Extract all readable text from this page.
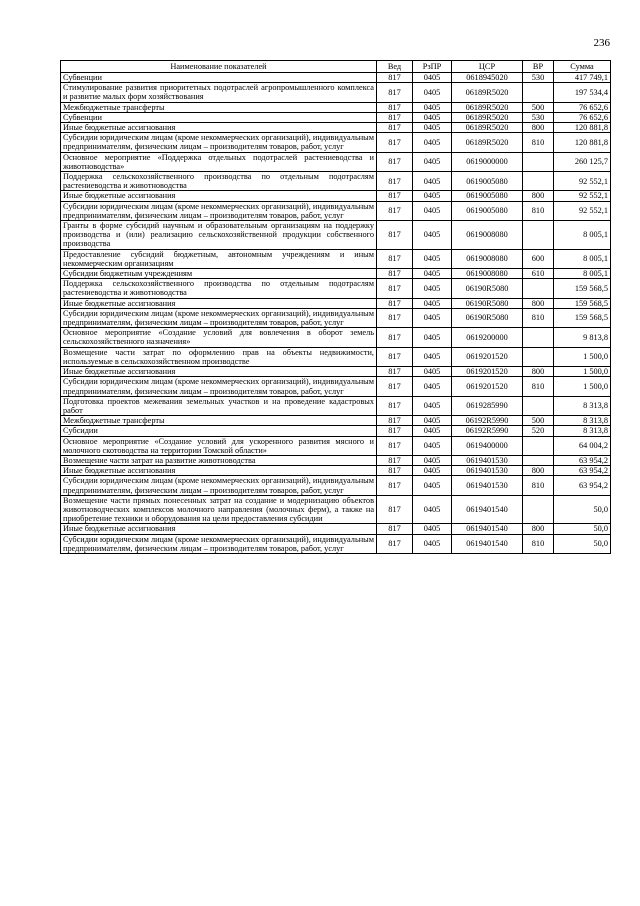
236
Наименование показателей	Вед	РзПР	ЦСР	ВР	Сумма
Субвенции	817	0405	0618945020	530	417 749,1
Стимулирование развития приоритетных подотраслей агропромышленного комплекса и развитие малых форм хозяйствования	817	0405	06189R5020		197 534,4
Межбюджетные трансферты	817	0405	06189R5020	500	76 652,6
Субвенции	817	0405	06189R5020	530	76 652,6
Иные бюджетные ассигнования	817	0405	06189R5020	800	120 881,8
Субсидии юридическим лицам (кроме некоммерческих организаций), индивидуальным предпринимателям, физическим лицам – производителям товаров, работ, услуг	817	0405	06189R5020	810	120 881,8
Основное мероприятие «Поддержка отдельных подотраслей растениеводства и животноводства»	817	0405	0619000000		260 125,7
Поддержка сельскохозяйственного производства по отдельным подотраслям растениеводства и животноводства	817	0405	0619005080		92 552,1
Иные бюджетные ассигнования	817	0405	0619005080	800	92 552,1
Субсидии юридическим лицам (кроме некоммерческих организаций), индивидуальным предпринимателям, физическим лицам – производителям товаров, работ, услуг	817	0405	0619005080	810	92 552,1
Гранты в форме субсидий научным и образовательным организациям на поддержку производства и (или) реализацию сельскохозяйственной продукции собственного производства	817	0405	0619008080		8 005,1
Предоставление субсидий бюджетным, автономным учреждениям и иным некоммерческим организациям	817	0405	0619008080	600	8 005,1
Субсидии бюджетным учреждениям	817	0405	0619008080	610	8 005,1
Поддержка сельскохозяйственного производства по отдельным подотраслям растениеводства и животноводства	817	0405	06190R5080		159 568,5
Иные бюджетные ассигнования	817	0405	06190R5080	800	159 568,5
Субсидии юридическим лицам (кроме некоммерческих организаций), индивидуальным предпринимателям, физическим лицам – производителям товаров, работ, услуг	817	0405	06190R5080	810	159 568,5
Основное мероприятие «Создание условий для вовлечения в оборот земель сельскохозяйственного назначения»	817	0405	0619200000		9 813,8
Возмещение части затрат по оформлению прав на объекты недвижимости, используемые в сельскохозяйственном производстве	817	0405	0619201520		1 500,0
Иные бюджетные ассигнования	817	0405	0619201520	800	1 500,0
Субсидии юридическим лицам (кроме некоммерческих организаций), индивидуальным предпринимателям, физическим лицам – производителям товаров, работ, услуг	817	0405	0619201520	810	1 500,0
Подготовка проектов межевания земельных участков и на проведение кадастровых работ	817	0405	0619285990		8 313,8
Межбюджетные трансферты	817	0405	06192R5990	500	8 313,8
Субсидии	817	0405	06192R5990	520	8 313,8
Основное мероприятие «Создание условий для ускоренного развития мясного и молочного скотоводства на территории Томской области»	817	0405	0619400000		64 004,2
Возмещение части затрат на развитие животноводства	817	0405	0619401530		63 954,2
Иные бюджетные ассигнования	817	0405	0619401530	800	63 954,2
Субсидии юридическим лицам (кроме некоммерческих организаций), индивидуальным предпринимателям, физическим лицам – производителям товаров, работ, услуг	817	0405	0619401530	810	63 954,2
Возмещение части прямых понесенных затрат на создание и модернизацию объектов животноводческих комплексов молочного направления (молочных ферм), а также на приобретение техники и оборудования на цели предоставления субсидии	817	0405	0619401540		50,0
Иные бюджетные ассигнования	817	0405	0619401540	800	50,0
Субсидии юридическим лицам (кроме некоммерческих организаций), индивидуальным предпринимателям, физическим лицам – производителям товаров, работ, услуг	817	0405	0619401540	810	50,0
